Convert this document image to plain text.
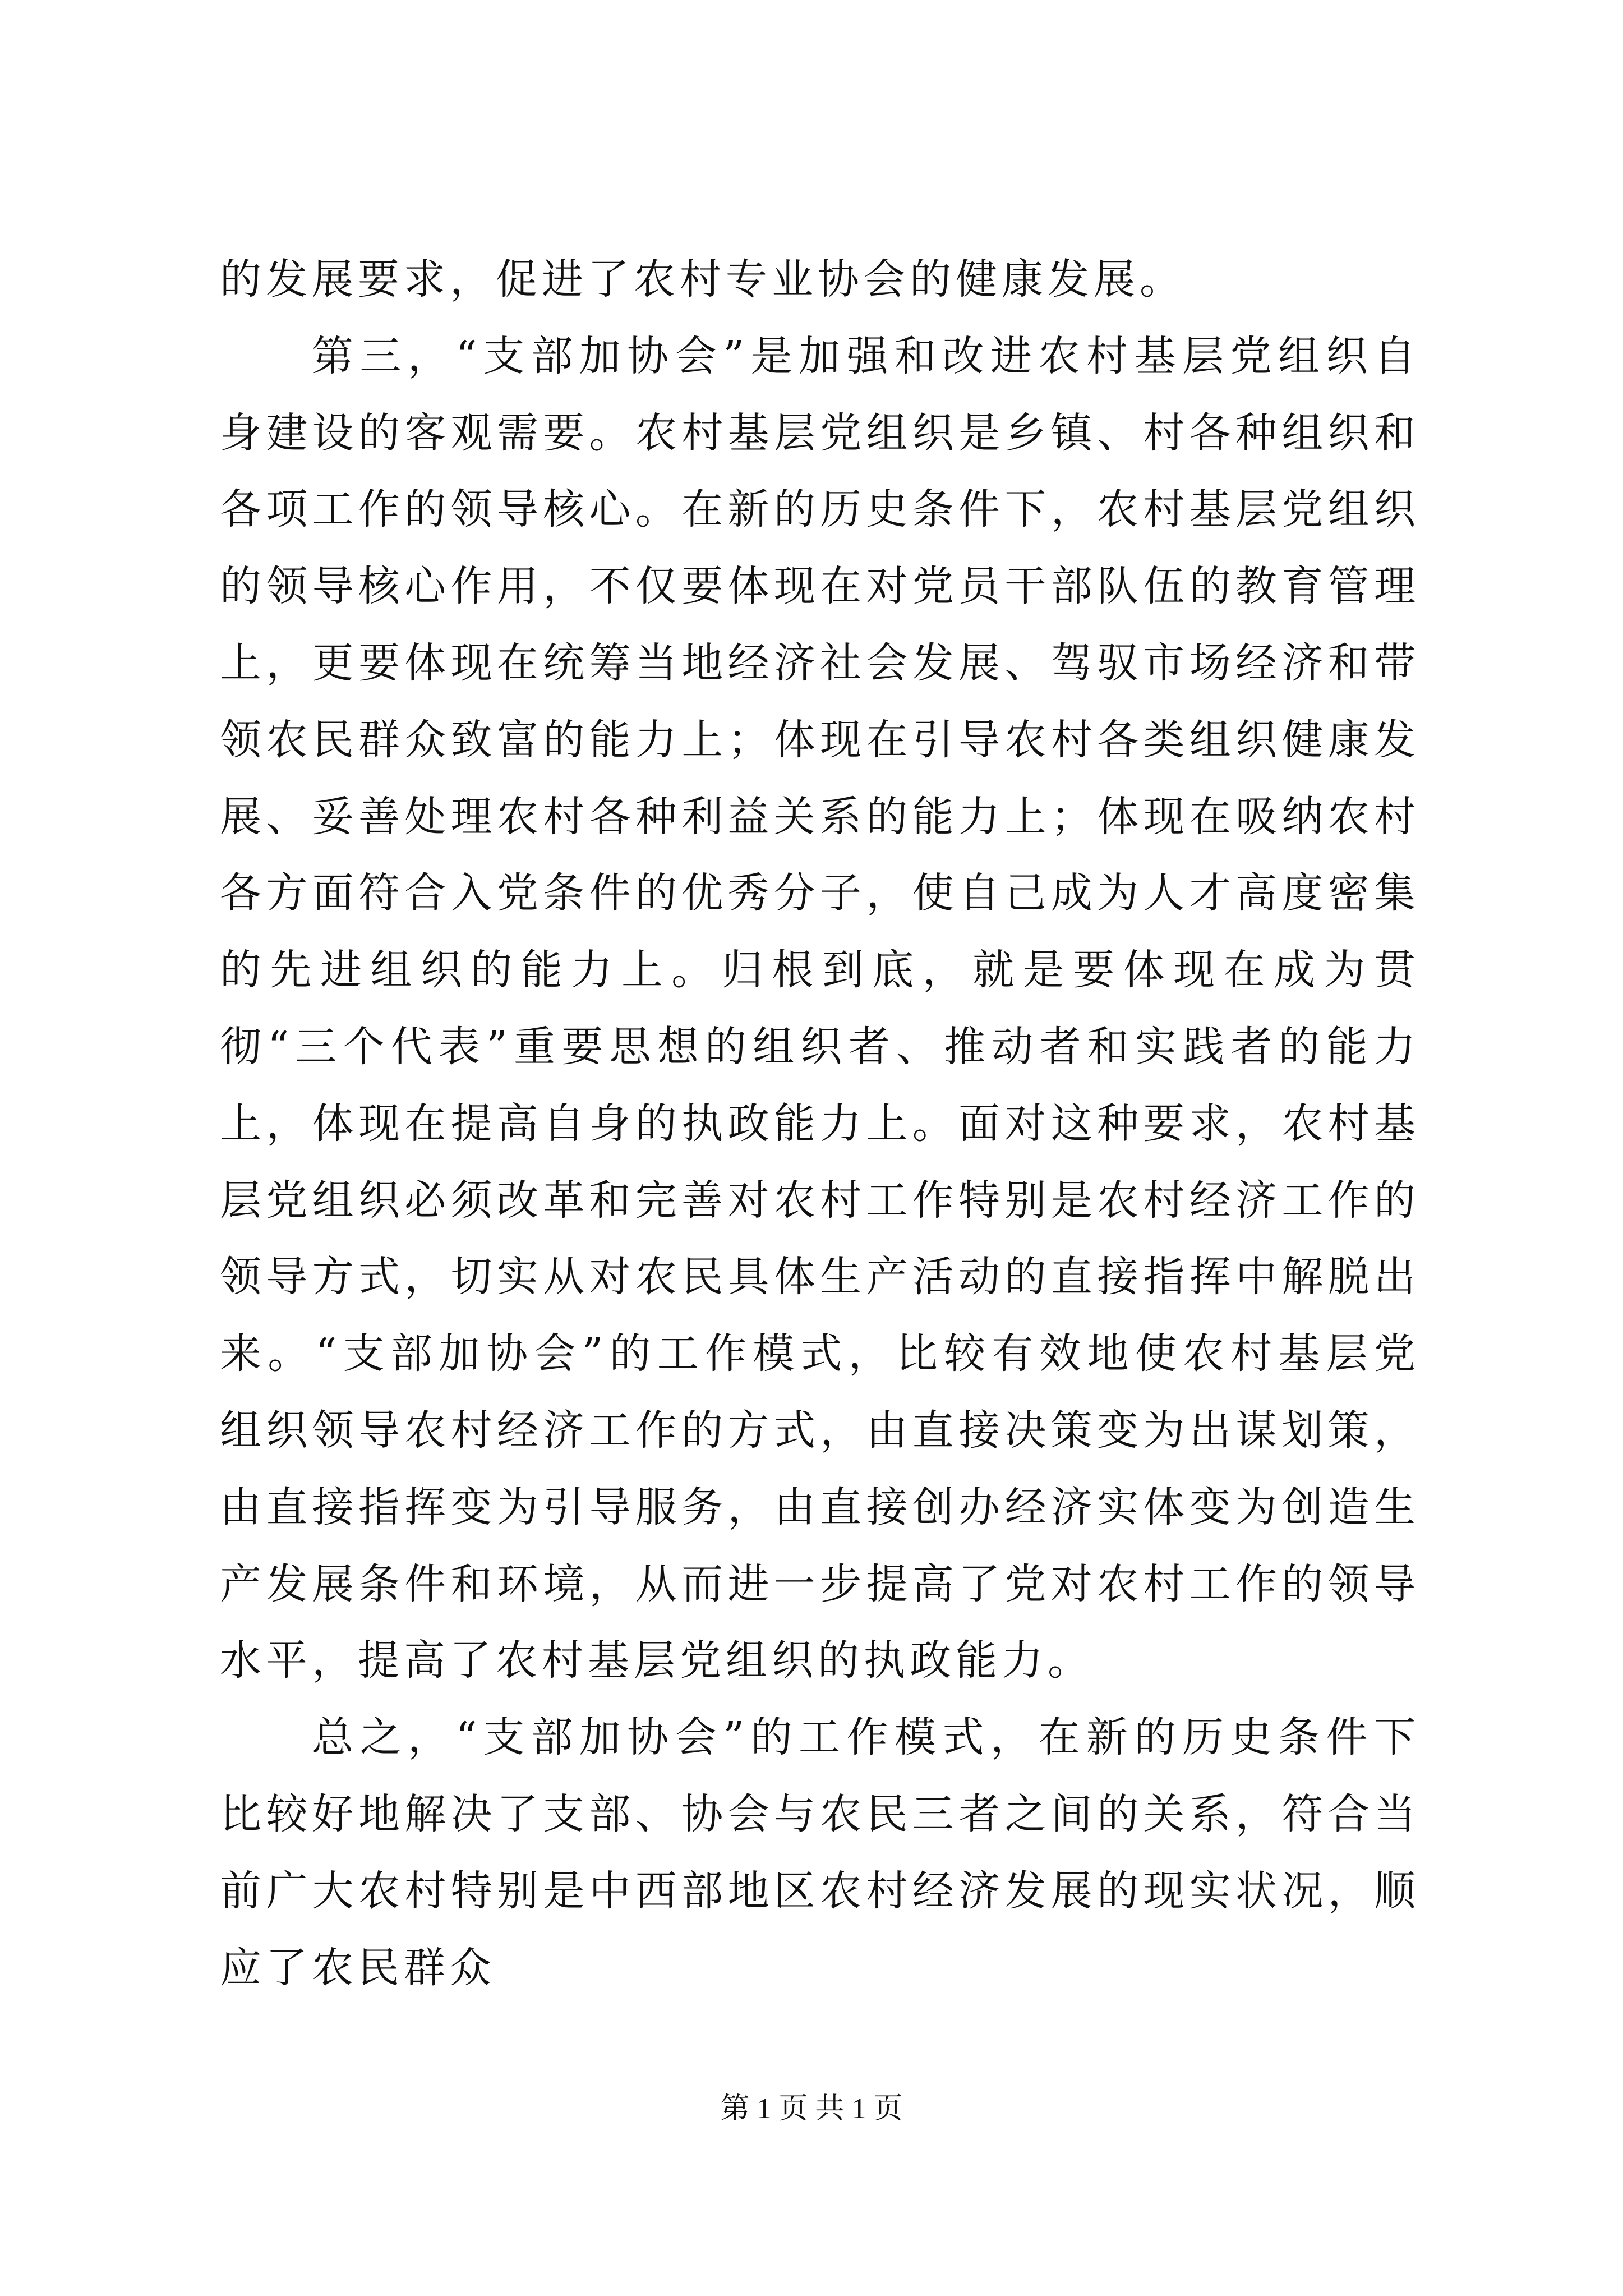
的发展要求，促进了农村专业协会的健康发展。

第三，“支部加协会”是加强和改进农村基层党组织自身建设的客观需要。农村基层党组织是乡镇、村各种组织和各项工作的领导核心。在新的历史条件下，农村基层党组织的领导核心作用，不仅要体现在对党员干部队伍的教育管理上，更要体现在统筹当地经济社会发展、驾驭市场经济和带领农民群众致富的能力上；体现在引导农村各类组织健康发展、妥善处理农村各种利益关系的能力上；体现在吸纳农村各方面符合入党条件的优秀分子，使自己成为人才高度密集的先进组织的能力上。归根到底，就是要体现在成为贯彻“三个代表”重要思想的组织者、推动者和实践者的能力上，体现在提高自身的执政能力上。面对这种要求，农村基层党组织必须改革和完善对农村工作特别是农村经济工作的领导方式，切实从对农民具体生产活动的直接指挥中解脱出来。“支部加协会”的工作模式，比较有效地使农村基层党组织领导农村经济工作的方式，由直接决策变为出谋划策，由直接指挥变为引导服务，由直接创办经济实体变为创造生产发展条件和环境，从而进一步提高了党对农村工作的领导水平，提高了农村基层党组织的执政能力。

总之，“支部加协会”的工作模式，在新的历史条件下比较好地解决了支部、协会与农民三者之间的关系，符合当前广大农村特别是中西部地区农村经济发展的现实状况，顺应了农民群众

第 1 页 共 1 页
